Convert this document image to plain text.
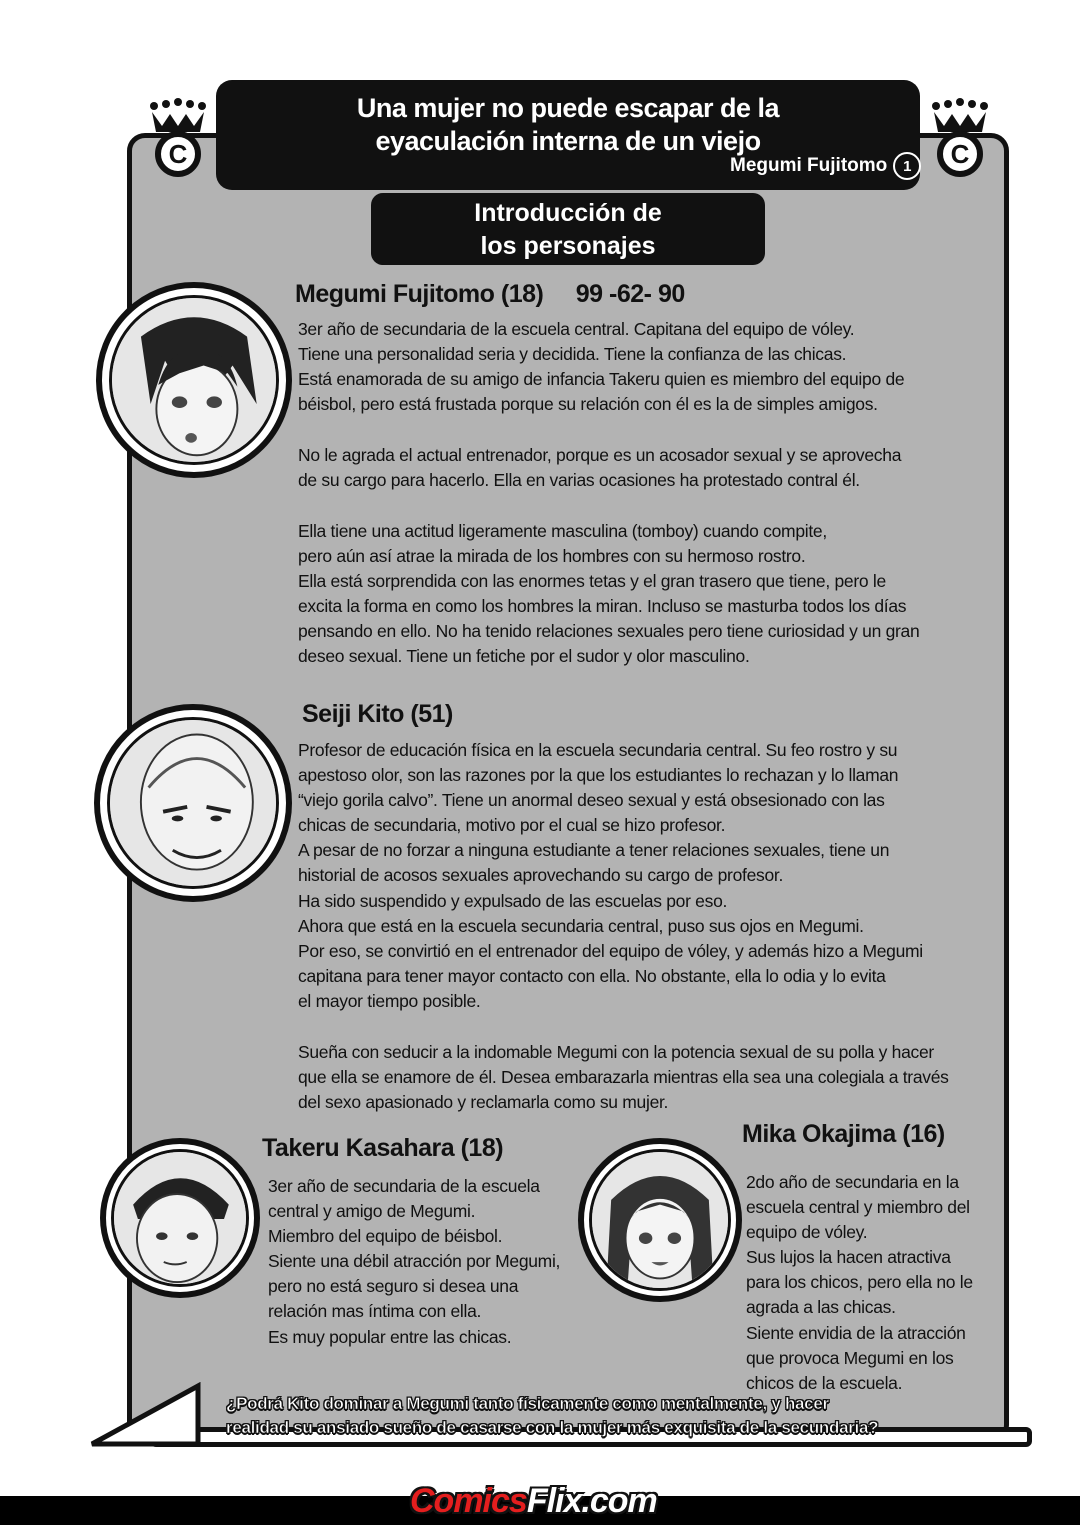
C	C
Una mujer no puede escapar de la
eyaculación interna de un viejo
Megumi Fujitomo	1
Introducción de
los personajes
Megumi Fujitomo (18) 99 -62- 90

3er año de secundaria de la escuela central. Capitana del equipo de vóley.
Tiene una personalidad seria y decidida. Tiene la confianza de las chicas.
Está enamorada de su amigo de infancia Takeru quien es miembro del equipo de
béisbol, pero está frustada porque su relación con él es la de simples amigos.

No le agrada el actual entrenador, porque es un acosador sexual y se aprovecha
de su cargo para hacerlo. Ella en varias ocasiones ha protestado contral él.

Ella tiene una actitud ligeramente masculina (tomboy) cuando compite,
pero aún así atrae la mirada de los hombres con su hermoso rostro.
Ella está sorprendida con las enormes tetas y el gran trasero que tiene, pero le
excita la forma en como los hombres la miran. Incluso se masturba todos los días
pensando en ello. No ha tenido relaciones sexuales pero tiene curiosidad y un gran
deseo sexual. Tiene un fetiche por el sudor y olor masculino.

Seiji Kito (51)

Profesor de educación física en la escuela secundaria central. Su feo rostro y su
apestoso olor, son las razones por la que los estudiantes lo rechazan y lo llaman
“viejo gorila calvo”. Tiene un anormal deseo sexual y está obsesionado con las
chicas de secundaria, motivo por el cual se hizo profesor.
A pesar de no forzar a ninguna estudiante a tener relaciones sexuales, tiene un
historial de acosos sexuales aprovechando su cargo de profesor.
Ha sido suspendido y expulsado de las escuelas por eso.
Ahora que está en la escuela secundaria central, puso sus ojos en Megumi.
Por eso, se convirtió en el entrenador del equipo de vóley, y además hizo a Megumi
capitana para tener mayor contacto con ella. No obstante, ella lo odia y lo evita
el mayor tiempo posible.

Sueña con seducir a la indomable Megumi con la potencia sexual de su polla y hacer
que ella se enamore de él. Desea embarazarla mientras ella sea una colegiala a través
del sexo apasionado y reclamarla como su mujer.

Takeru Kasahara (18)

3er año de secundaria de la escuela
central y amigo de Megumi.
Miembro del equipo de béisbol.
Siente una débil atracción por Megumi,
pero no está seguro si desea una
relación mas íntima con ella.
Es muy popular entre las chicas.

Mika Okajima (16)

2do año de secundaria en la
escuela central y miembro del
equipo de vóley.
Sus lujos la hacen atractiva
para los chicos, pero ella no le
agrada a las chicas.
Siente envidia de la atracción
que provoca Megumi en los
chicos de la escuela.

¿Podrá Kito dominar a Megumi tanto físicamente como mentalmente, y hacer
realidad su ansiado sueño de casarse con la mujer más exquisita de la secundaria?
ComicsFlix.com
